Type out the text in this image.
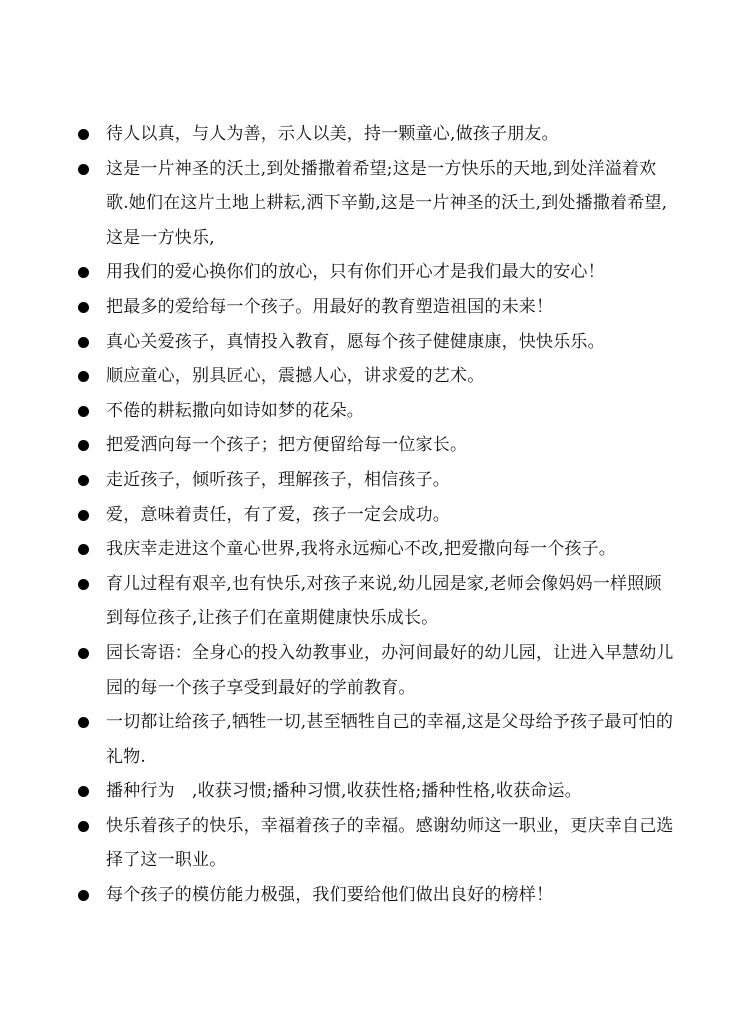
待人以真，与人为善，示人以美，持一颗童心,做孩子朋友。
这是一片神圣的沃土,到处播撒着希望;这是一方快乐的天地,到处洋溢着欢歌.她们在这片土地上耕耘,洒下辛勤,这是一片神圣的沃土,到处播撒着希望,这是一方快乐,
用我们的爱心换你们的放心，只有你们开心才是我们最大的安心！
把最多的爱给每一个孩子。用最好的教育塑造祖国的未来！
真心关爱孩子，真情投入教育，愿每个孩子健健康康，快快乐乐。
顺应童心，别具匠心，震撼人心，讲求爱的艺术。
不倦的耕耘撒向如诗如梦的花朵。
把爱洒向每一个孩子；把方便留给每一位家长。
走近孩子，倾听孩子，理解孩子，相信孩子。
爱，意味着责任，有了爱，孩子一定会成功。
我庆幸走进这个童心世界,我将永远痴心不改,把爱撒向每一个孩子。
育儿过程有艰辛,也有快乐,对孩子来说,幼儿园是家,老师会像妈妈一样照顾到每位孩子,让孩子们在童期健康快乐成长。
园长寄语：全身心的投入幼教事业，办河间最好的幼儿园，让进入早慧幼儿园的每一个孩子享受到最好的学前教育。
一切都让给孩子,牺牲一切,甚至牺牲自己的幸福,这是父母给予孩子最可怕的礼物.
播种行为　,收获习惯;播种习惯,收获性格;播种性格,收获命运。
快乐着孩子的快乐，幸福着孩子的幸福。感谢幼师这一职业，更庆幸自己选择了这一职业。
每个孩子的模仿能力极强，我们要给他们做出良好的榜样！
